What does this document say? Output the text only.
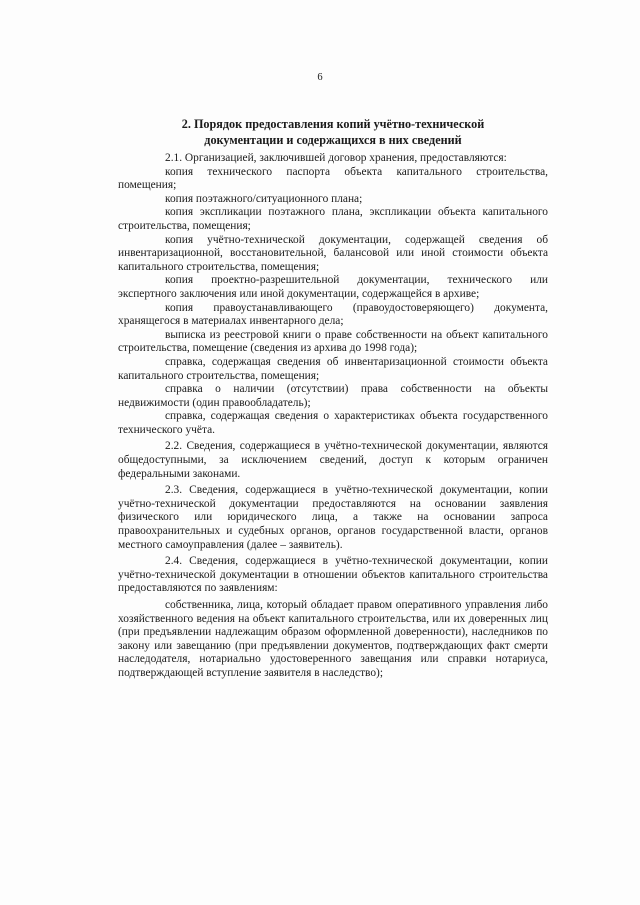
6
2. Порядок предоставления копий учётно-технической
документации и содержащихся в них сведений

2.1. Организацией, заключившей договор хранения, предоставляются:

копия технического паспорта объекта капитального строительства, помещения;

копия поэтажного/ситуационного плана;

копия экспликации поэтажного плана, экспликации объекта капитального строительства, помещения;

копия учётно-технической документации, содержащей сведения об инвентаризационной, восстановительной, балансовой или иной стоимости объекта капитального строительства, помещения;

копия проектно-разрешительной документации, технического или экспертного заключения или иной документации, содержащейся в архиве;

копия правоустанавливающего (правоудостоверяющего) документа, хранящегося в материалах инвентарного дела;

выписка из реестровой книги о праве собственности на объект капитального строительства, помещение (сведения из архива до 1998 года);

справка, содержащая сведения об инвентаризационной стоимости объекта капитального строительства, помещения;

справка о наличии (отсутствии) права собственности на объекты недвижимости (один правообладатель);

справка, содержащая сведения о характеристиках объекта государственного технического учёта.

2.2. Сведения, содержащиеся в учётно-технической документации, являются общедоступными, за исключением сведений, доступ к которым ограничен федеральными законами.

2.3. Сведения, содержащиеся в учётно-технической документации, копии учётно-технической документации предоставляются на основании заявления физического или юридического лица, а также на основании запроса правоохранительных и судебных органов, органов государственной власти, органов местного самоуправления (далее – заявитель).

2.4. Сведения, содержащиеся в учётно-технической документации, копии учётно-технической документации в отношении объектов капитального строительства предоставляются по заявлениям:

собственника, лица, который обладает правом оперативного управления либо хозяйственного ведения на объект капитального строительства, или их доверенных лиц (при предъявлении надлежащим образом оформленной доверенности), наследников по закону или завещанию (при предъявлении документов, подтверждающих факт смерти наследодателя, нотариально удостоверенного завещания или справки нотариуса, подтверждающей вступление заявителя в наследство);
